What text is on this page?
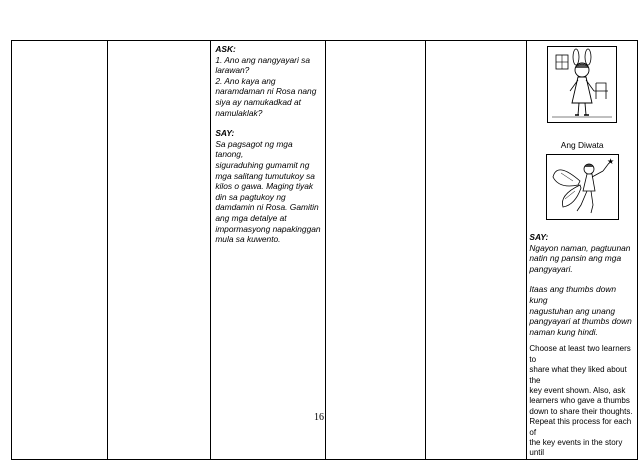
ASK:
1. Ano ang nangyayari sa
larawan?
2. Ano kaya ang
naramdaman ni Rosa nang
siya ay namukadkad at
namulaklak?
SAY:
Sa pagsagot ng mga tanong,
siguraduhing gumamit ng
mga salitang tumutukoy sa
kilos o gawa. Maging tiyak
din sa pagtukoy ng
damdamin ni Rosa. Gamitin
ang mga detalye at
impormasyong napakinggan
mula sa kuwento.

Ang Diwata
★
SAY:
Ngayon naman, pagtuunan
natin ng pansin ang mga
pangyayari.
Itaas ang thumbs down kung
nagustuhan ang unang
pangyayari at thumbs down
naman kung hindi.
Choose at least two learners to
share what they liked about the
key event shown. Also, ask
learners who gave a thumbs
down to share their thoughts.
Repeat this process for each of
the key events in the story until
16
